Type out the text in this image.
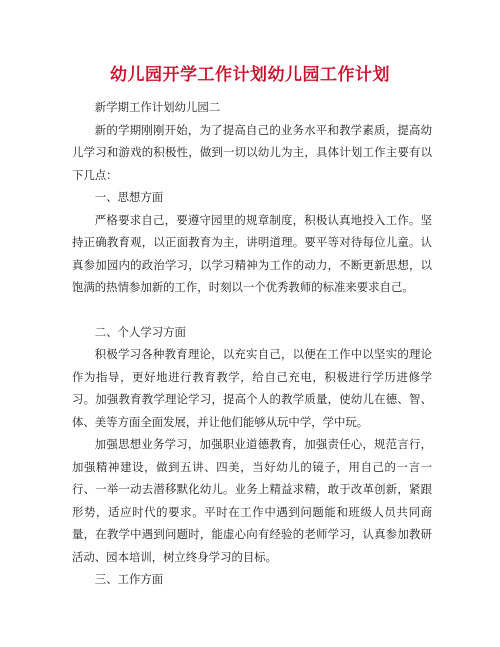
幼儿园开学工作计划幼儿园工作计划

新学期工作计划幼儿园二

新的学期刚刚开始，为了提高自己的业务水平和教学素质，提高幼儿学习和游戏的积极性，做到一切以幼儿为主，具体计划工作主要有以下几点：

一、思想方面

严格要求自己，要遵守园里的规章制度，积极认真地投入工作。坚持正确教育观，以正面教育为主，讲明道理。要平等对待每位儿童。认真参加园内的政治学习，以学习精神为工作的动力，不断更新思想，以饱满的热情参加新的工作，时刻以一个优秀教师的标准来要求自己。

二、个人学习方面

积极学习各种教育理论，以充实自己，以便在工作中以坚实的理论作为指导，更好地进行教育教学，给自己充电，积极进行学历进修学习。加强教育教学理论学习，提高个人的教学质量，使幼儿在德、智、体、美等方面全面发展，并让他们能够从玩中学，学中玩。

加强思想业务学习，加强职业道德教育，加强责任心，规范言行，加强精神建设，做到五讲、四美，当好幼儿的镜子，用自己的一言一行、一举一动去潜移默化幼儿。业务上精益求精，敢于改革创新，紧跟形势，适应时代的要求。平时在工作中遇到问题能和班级人员共同商量，在教学中遇到问题时，能虚心向有经验的老师学习，认真参加教研活动、园本培训，树立终身学习的目标。

三、工作方面
